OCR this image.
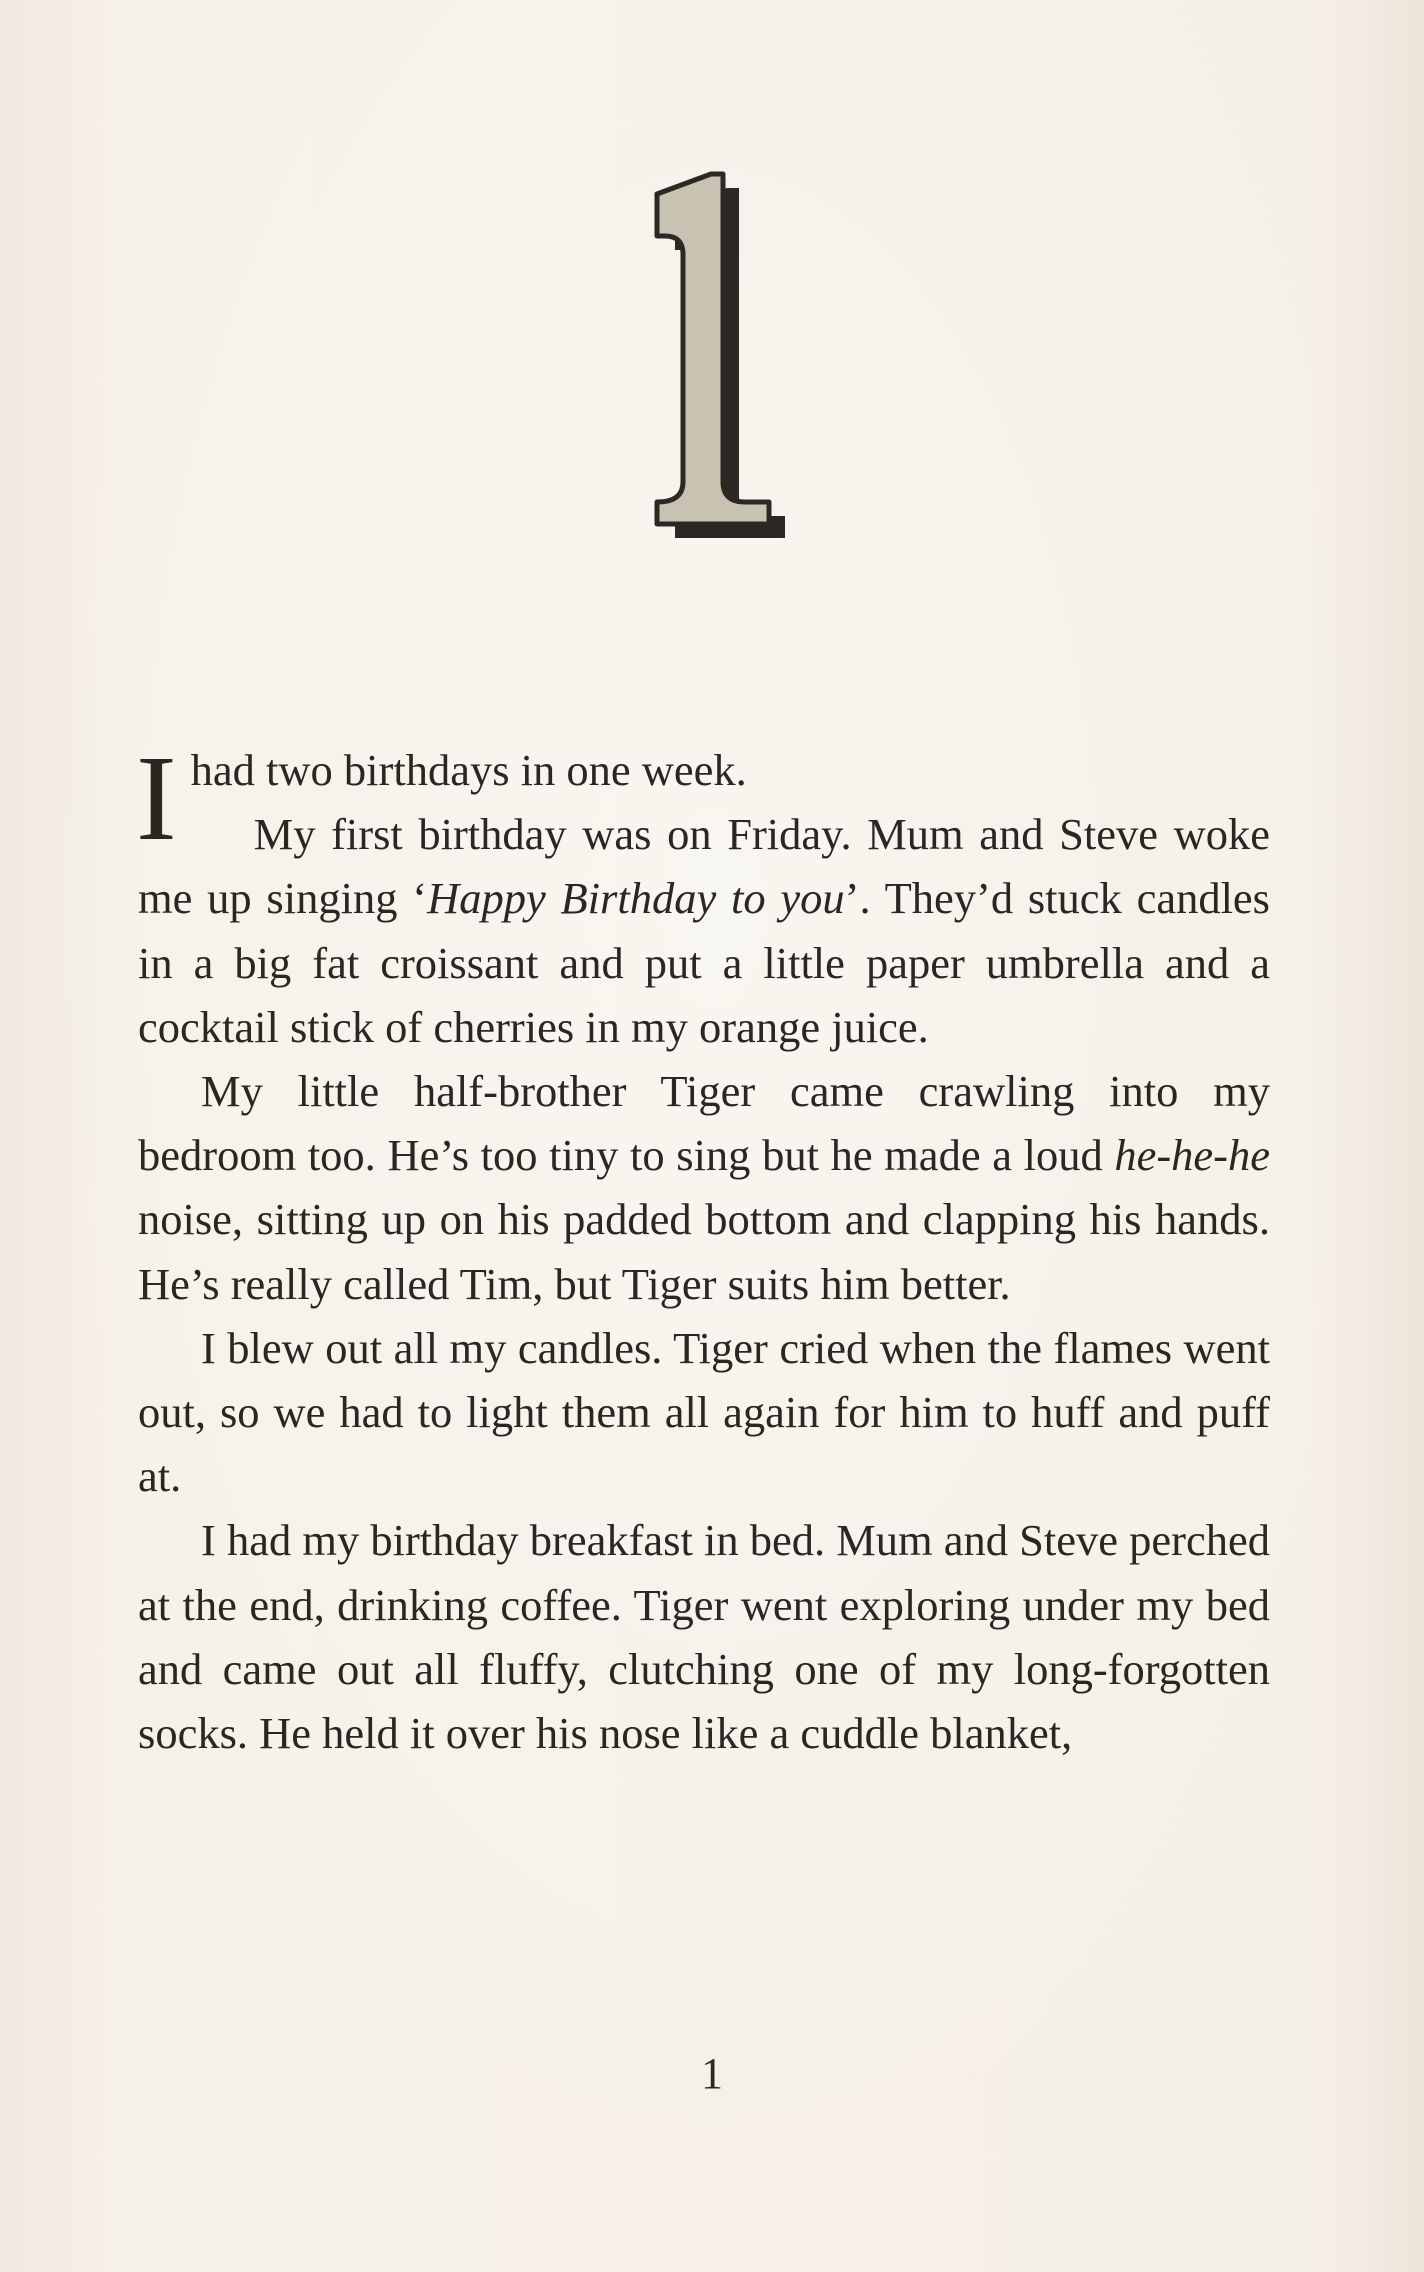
1

Ihad two birthdays in one week.

My first birthday was on Friday. Mum and Steve woke me up singing ‘Happy Birthday to you’. They’d stuck candles in a big fat croissant and put a little paper umbrella and a cocktail stick of cherries in my orange juice.

My little half-brother Tiger came crawling into my bedroom too. He’s too tiny to sing but he made a loud he-he-he noise, sitting up on his padded bottom and clapping his hands. He’s really called Tim, but Tiger suits him better.

I blew out all my candles. Tiger cried when the flames went out, so we had to light them all again for him to huff and puff at.

I had my birthday breakfast in bed. Mum and Steve perched at the end, drinking coffee. Tiger went exploring under my bed and came out all fluffy, clutching one of my long-forgotten socks. He held it over his nose like a cuddle blanket,

1
